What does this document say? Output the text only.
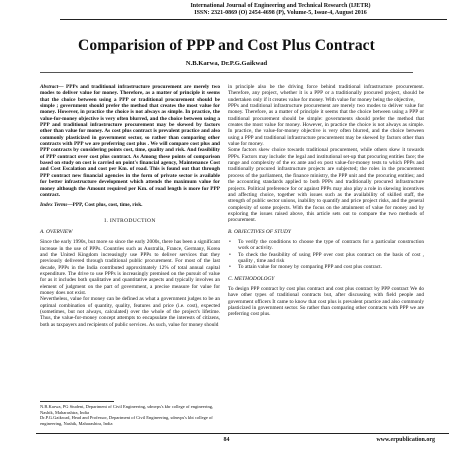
International Journal of Engineering and Technical Research (IJETR)
ISSN: 2321-0869 (O) 2454-4698 (P), Volume-5, Issue-4, August 2016
Comparision of PPP and Cost Plus Contract
N.B.Karwa, Dr.P.G.Gaikwad
Abstract— PPPs and traditional infrastructure procurement are merely two modes to deliver value for money. Therefore, as a matter of principle it seems that the choice between using a PPP or traditional procurement should be simple ; government should prefer the method that creates the most value for money. However, in practice the choice is not always as simple. In practice, the value-for-money objective is very often blurred, and the choice between using a PPP and traditional infrastructure procurement may be skewed by factors other than value for money. As cost plus contract is prevalent practice and also commonly plasticized in government sector, so rather than comparing other contracts with PPP we are preferring cost plus . We will compare cost plus and PPP contracts by considering points cost, time, quality and risk. And feasibility of PPP contract over cost plus contract. As Among these points of comparison based on study on cost is carried on point's financial agency, Maintenance Cost and Cost Escalation and cost per Km. of road. This is found out that through PPP contract new financial agencies in the form of private sector is available for better infrastructure development which attends the maximum value for money although the Amount required per Km. of road length is more for PPP contract.
Index Terms—PPP, Cost plus, cost, time, risk.
I. INTRODUCTION
A. OVERVIEW

Since the early 1990s, but more so since the early 2000s, there has been a significant increase in the use of PPPs. Countries such as Australia, France, Germany, Korea and the United Kingdom increasingly use PPPs to deliver services that they previously delivered through traditional public procurement. For most of the last decade, PPPs in the India contributed approximately 12% of total annual capital expenditure. The drive to use PPPs is increasingly premised on the pursuit of value for as it includes both qualitative and quantitative aspects and typically involves an element of judgment on the part of government, a precise measure for value for money does not exist.

Nevertheless, value for money can be defined as what a government judges to be an optimal combination of quantity, quality, features and price (i.e. cost), expected (sometimes, but not always, calculated) over the whole of the project's lifetime. Thus, the value-for-money concept attempts to encapsulate the interests of citizens, both as taxpayers and recipients of public services. As such, value for money should

in principle also be the driving force behind traditional infrastructure procurement. Therefore, any project, whether it is a PPP or a traditionally procured project, should be undertaken only if it creates value for money. With value for money being the objective,

PPPs and traditional infrastructure procurement are merely two modes to deliver value for money. Therefore, as a matter of principle it seems that the choice between using a PPP or traditional procurement should be simple: governments should prefer the method that creates the most value for money. However, in practice the choice is not always as simple. In practice, the value-for-money objective is very often blurred, and the choice between using a PPP and traditional infrastructure procurement may be skewed by factors other than value for money.

Some factors skew choice towards traditional procurement, while others skew it towards PPPs. Factors may include: the legal and institutional set-up that procuring entities face; the range and complexity of the ex ante and ex post value-for-money tests to which PPPs and traditionally procured infrastructure projects are subjected; the roles in the procurement process of the parliament, the finance ministry, the PPP unit and the procuring entities; and the accounting standards applied to both PPPs and traditionally procured infrastructure projects. Political preference for or against PPPs may also play a role in skewing incentives and affecting choice, together with issues such as the availability of skilled staff, the strength of public sector unions, inability to quantify and price project risks, and the general complexity of some projects. With the focus on the attainment of value for money and by exploring the issues raised above, this article sets out to compare the two methods of procurement.

B. OBJECTIVES OF STUDY
• To verify the conditions to choose the type of contracts for a particular construction work or activity.
• To check the feasibility of using PPP over cost plus contract on the basis of cost , quality , time and risk
• To attain value for money by comparing PPP and cost plus contract.
C. METHODOLOGY

To design PPP contract by cost plus contract and cost plus contract by PPP contract We do have other types of traditional contracts but, after discussing with field people and government officers It came to know that cost plus is prevalent practice and also commonly plasticized in government sector. So rather than comparing other contracts with PPP we are preferring cost plus.

N.B.Karwa, PG Student, Department of Civil Engineering, sdmvps's kbr college of engineering, Nashik, Maharashtra, India
Dr.P.G.Gaikwad, Head and Professor, Department of Civil Engineering, sdmvps's kbt college of engineering, Nashik, Maharashtra, India
84	www.erpublication.org
